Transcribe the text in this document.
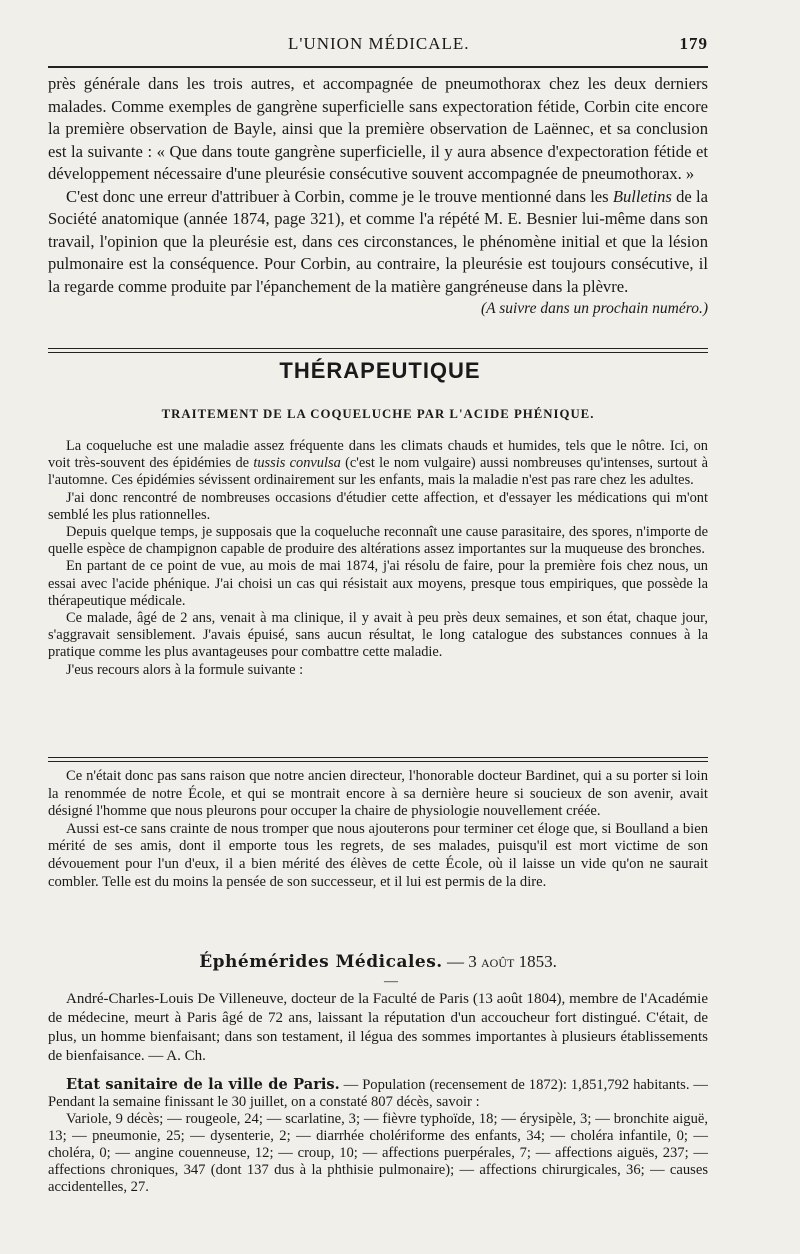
L'UNION MÉDICALE.	179

près générale dans les trois autres, et accompagnée de pneumothorax chez les deux derniers malades. Comme exemples de gangrène superficielle sans expectoration fétide, Corbin cite encore la première observation de Bayle, ainsi que la première observation de Laënnec, et sa conclusion est la suivante : « Que dans toute gangrène superficielle, il y aura absence d'expectoration fétide et développement nécessaire d'une pleurésie consécutive souvent accompagnée de pneumothorax. »

C'est donc une erreur d'attribuer à Corbin, comme je le trouve mentionné dans les Bulletins de la Société anatomique (année 1874, page 321), et comme l'a répété M. E. Besnier lui-même dans son travail, l'opinion que la pleurésie est, dans ces circonstances, le phénomène initial et que la lésion pulmonaire est la conséquence. Pour Corbin, au contraire, la pleurésie est toujours consécutive, il la regarde comme produite par l'épanchement de la matière gangréneuse dans la plèvre.

(A suivre dans un prochain numéro.)

THÉRAPEUTIQUE
TRAITEMENT DE LA COQUELUCHE PAR L'ACIDE PHÉNIQUE.

La coqueluche est une maladie assez fréquente dans les climats chauds et humides, tels que le nôtre. Ici, on voit très-souvent des épidémies de tussis convulsa (c'est le nom vulgaire) aussi nombreuses qu'intenses, surtout à l'automne. Ces épidémies sévissent ordinairement sur les enfants, mais la maladie n'est pas rare chez les adultes.

J'ai donc rencontré de nombreuses occasions d'étudier cette affection, et d'essayer les médications qui m'ont semblé les plus rationnelles.

Depuis quelque temps, je supposais que la coqueluche reconnaît une cause parasitaire, des spores, n'importe de quelle espèce de champignon capable de produire des altérations assez importantes sur la muqueuse des bronches.

En partant de ce point de vue, au mois de mai 1874, j'ai résolu de faire, pour la première fois chez nous, un essai avec l'acide phénique. J'ai choisi un cas qui résistait aux moyens, presque tous empiriques, que possède la thérapeutique médicale.

Ce malade, âgé de 2 ans, venait à ma clinique, il y avait à peu près deux semaines, et son état, chaque jour, s'aggravait sensiblement. J'avais épuisé, sans aucun résultat, le long catalogue des substances connues à la pratique comme les plus avantageuses pour combattre cette maladie.

J'eus recours alors à la formule suivante :

Ce n'était donc pas sans raison que notre ancien directeur, l'honorable docteur Bardinet, qui a su porter si loin la renommée de notre École, et qui se montrait encore à sa dernière heure si soucieux de son avenir, avait désigné l'homme que nous pleurons pour occuper la chaire de physiologie nouvellement créée.

Aussi est-ce sans crainte de nous tromper que nous ajouterons pour terminer cet éloge que, si Boulland a bien mérité de ses amis, dont il emporte tous les regrets, de ses malades, puisqu'il est mort victime de son dévouement pour l'un d'eux, il a bien mérité des élèves de cette École, où il laisse un vide qu'on ne saurait combler. Telle est du moins la pensée de son successeur, et il lui est permis de la dire.

Éphémérides Médicales. — 3 août 1853.
—

André-Charles-Louis De Villeneuve, docteur de la Faculté de Paris (13 août 1804), membre de l'Académie de médecine, meurt à Paris âgé de 72 ans, laissant la réputation d'un accoucheur fort distingué. C'était, de plus, un homme bienfaisant; dans son testament, il légua des sommes importantes à plusieurs établissements de bienfaisance. — A. Ch.

Etat sanitaire de la ville de Paris. — Population (recensement de 1872): 1,851,792 habitants. — Pendant la semaine finissant le 30 juillet, on a constaté 807 décès, savoir :

Variole, 9 décès; — rougeole, 24; — scarlatine, 3; — fièvre typhoïde, 18; — érysipèle, 3; — bronchite aiguë, 13; — pneumonie, 25; — dysenterie, 2; — diarrhée cholériforme des enfants, 34; — choléra infantile, 0; — choléra, 0; — angine couenneuse, 12; — croup, 10; — affections puerpérales, 7; — affections aiguës, 237; — affections chroniques, 347 (dont 137 dus à la phthisie pulmonaire); — affections chirurgicales, 36; — causes accidentelles, 27.
